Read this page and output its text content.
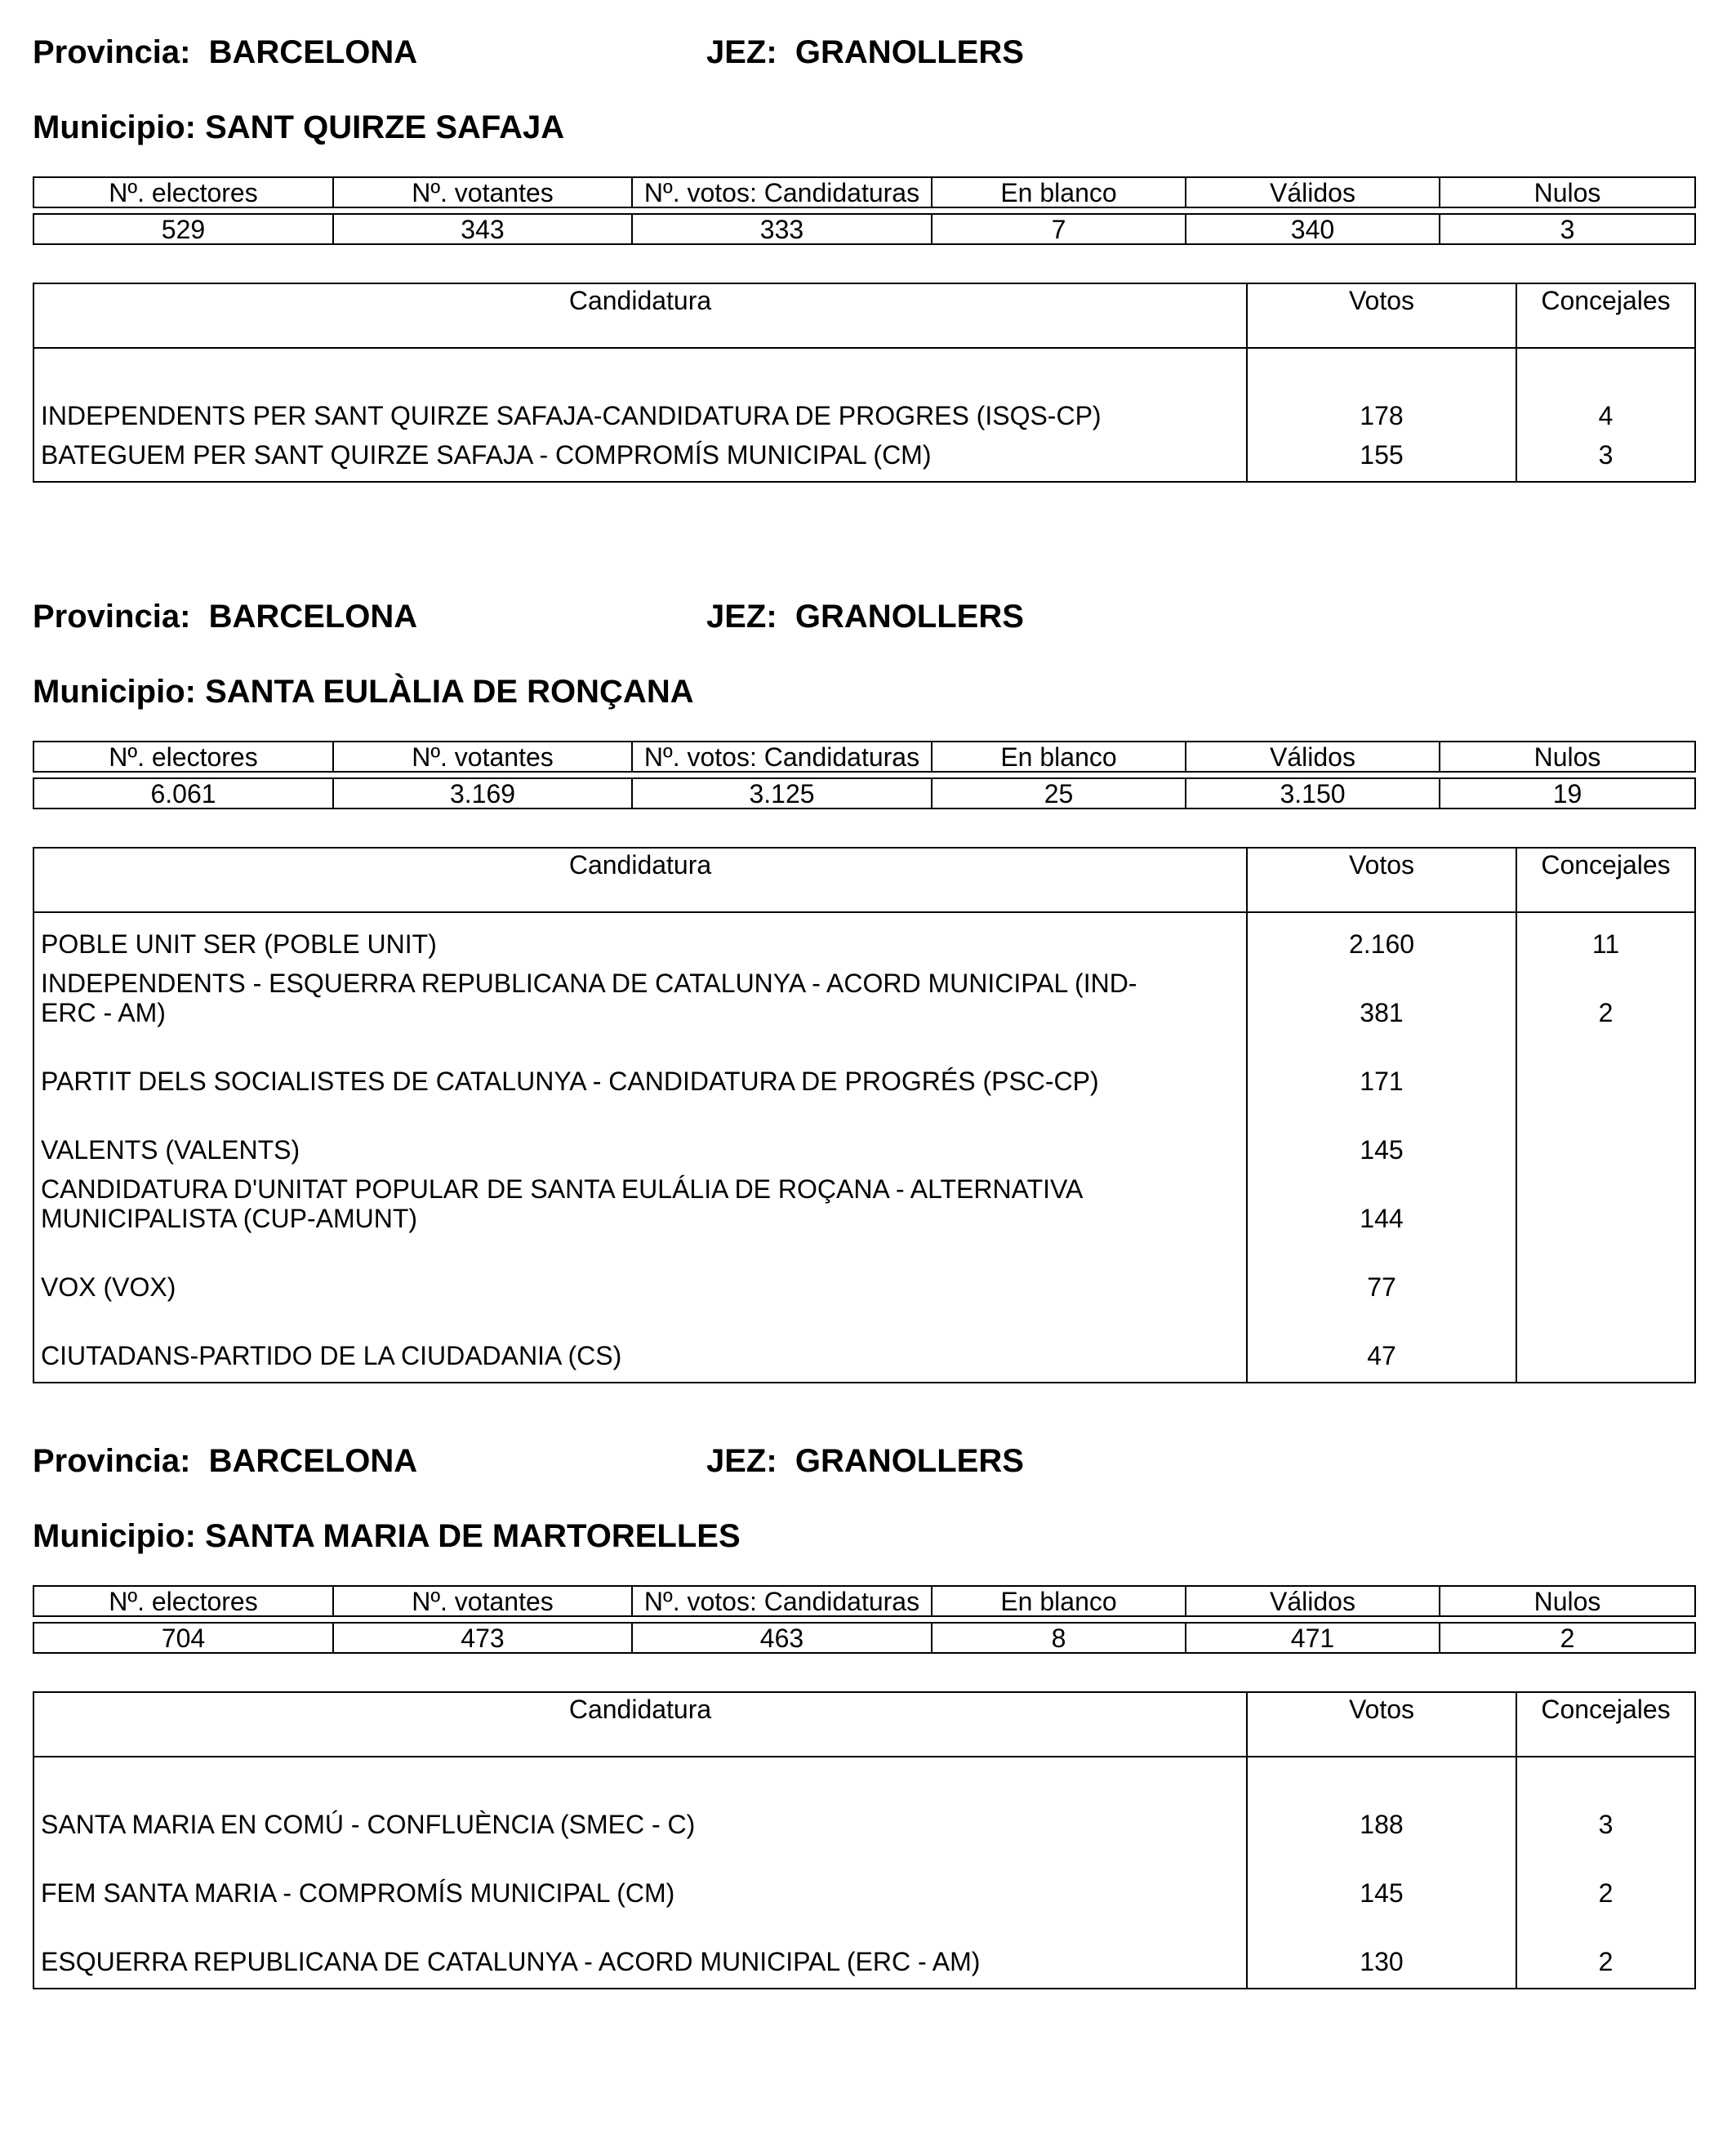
Provincia: BARCELONA	JEZ: GRANOLLERS
Municipio: SANT QUIRZE SAFAJA
Nº. electores	Nº. votantes	Nº. votos: Candidaturas	En blanco	Válidos	Nulos

529	343	333	7	340	3
Candidatura	Votos	Concejales
INDEPENDENTS PER SANT QUIRZE SAFAJA-CANDIDATURA DE PROGRES (ISQS-CP)	178	4
BATEGUEM PER SANT QUIRZE SAFAJA - COMPROMÍS MUNICIPAL (CM)	155	3
Provincia: BARCELONA	JEZ: GRANOLLERS
Municipio: SANTA EULÀLIA DE RONÇANA
Nº. electores	Nº. votantes	Nº. votos: Candidaturas	En blanco	Válidos	Nulos

6.061	3.169	3.125	25	3.150	19
Candidatura	Votos	Concejales
POBLE UNIT SER (POBLE UNIT)	2.160	11
INDEPENDENTS - ESQUERRA REPUBLICANA DE CATALUNYA - ACORD MUNICIPAL (IND-ERC - AM)	381	2
PARTIT DELS SOCIALISTES DE CATALUNYA - CANDIDATURA DE PROGRÉS (PSC-CP)	171	
VALENTS (VALENTS)	145	
CANDIDATURA D'UNITAT POPULAR DE SANTA EULÁLIA DE ROÇANA - ALTERNATIVA MUNICIPALISTA (CUP-AMUNT)	144	
VOX (VOX)	77	
CIUTADANS-PARTIDO DE LA CIUDADANIA (CS)	47	
Provincia: BARCELONA	JEZ: GRANOLLERS
Municipio: SANTA MARIA DE MARTORELLES
Nº. electores	Nº. votantes	Nº. votos: Candidaturas	En blanco	Válidos	Nulos

704	473	463	8	471	2
Candidatura	Votos	Concejales
SANTA MARIA EN COMÚ - CONFLUÈNCIA (SMEC - C)	188	3
FEM SANTA MARIA - COMPROMÍS MUNICIPAL (CM)	145	2
ESQUERRA REPUBLICANA DE CATALUNYA - ACORD MUNICIPAL (ERC - AM)	130	2
